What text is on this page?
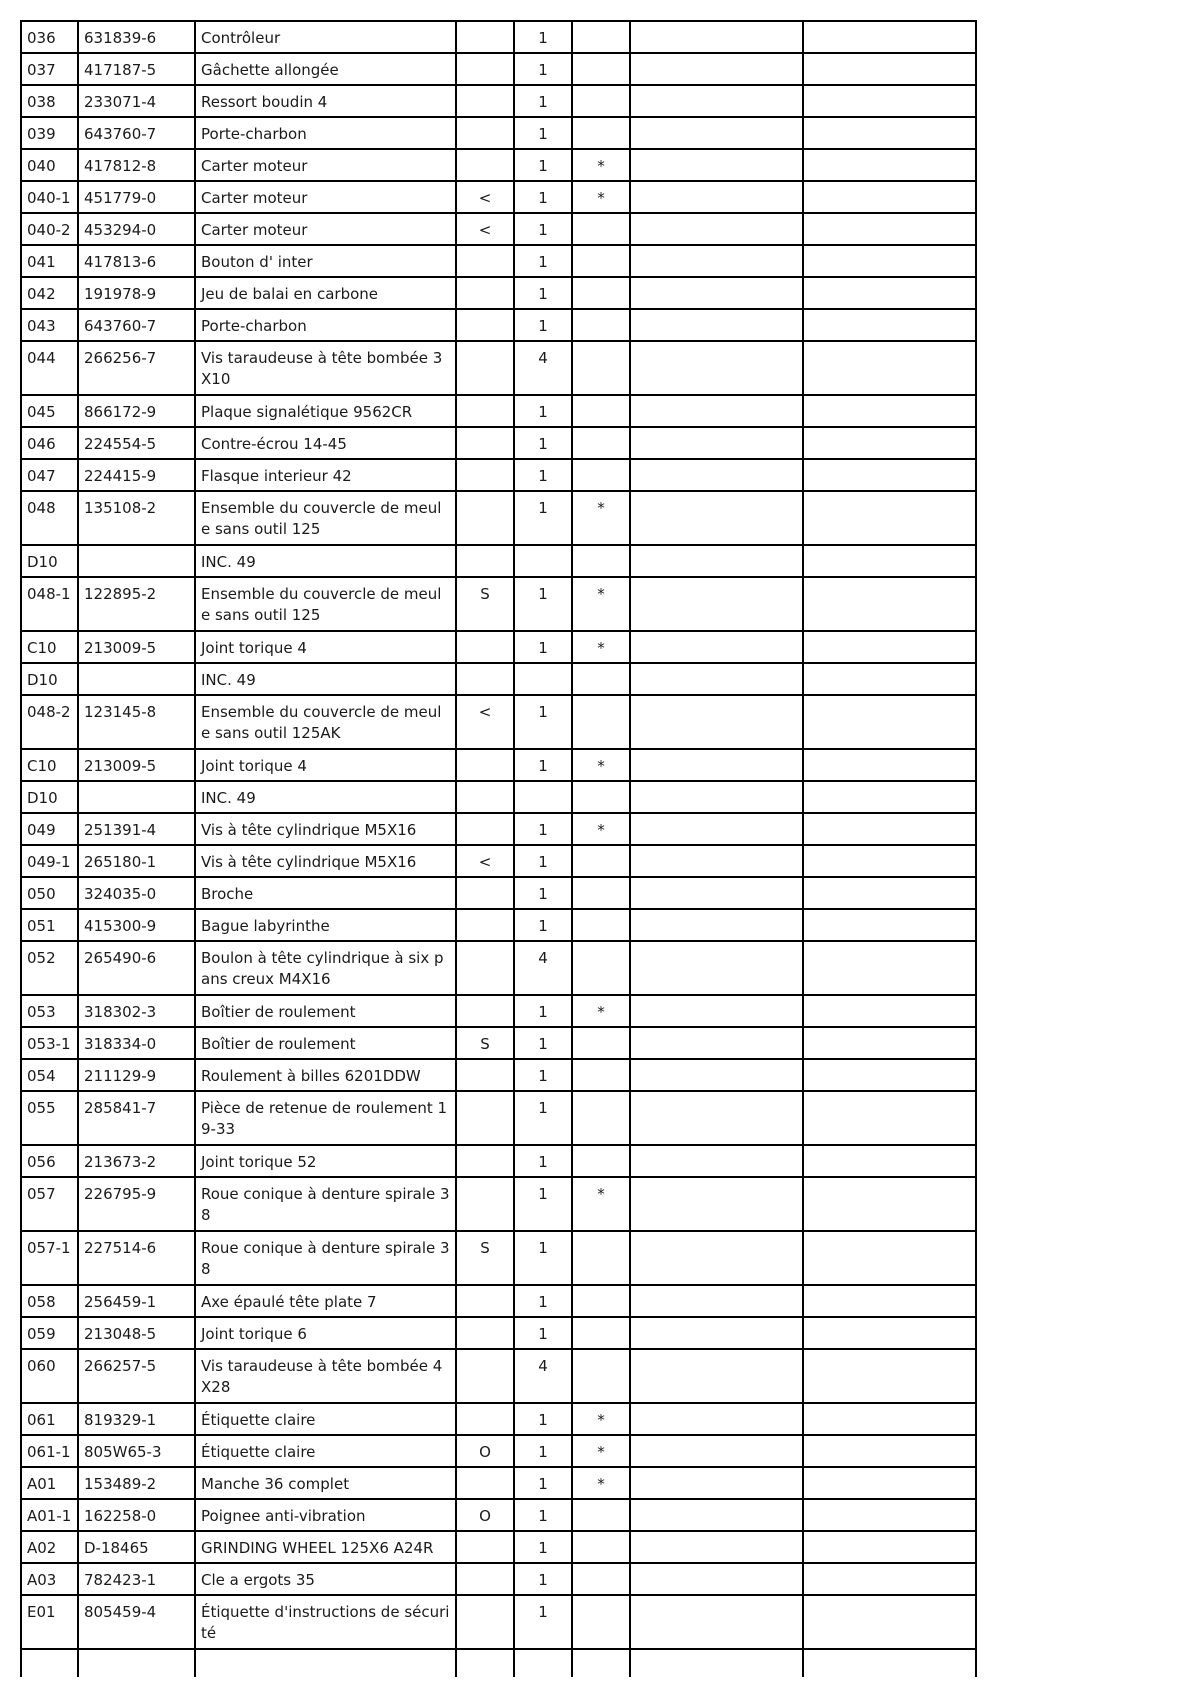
036	631839-6	Contrôleur		1			
037	417187-5	Gâchette allongée		1			
038	233071-4	Ressort boudin 4		1			
039	643760-7	Porte-charbon		1			
040	417812-8	Carter moteur		1	*		
040-1	451779-0	Carter moteur	<	1	*		
040-2	453294-0	Carter moteur	<	1			
041	417813-6	Bouton d' inter		1			
042	191978-9	Jeu de balai en carbone		1			
043	643760-7	Porte-charbon		1			
044	266256-7	Vis taraudeuse à tête bombée 3X10		4			
045	866172-9	Plaque signalétique 9562CR		1			
046	224554-5	Contre-écrou 14-45		1			
047	224415-9	Flasque interieur 42		1			
048	135108-2	Ensemble du couvercle de meule sans outil 125		1	*		
D10		INC. 49					
048-1	122895-2	Ensemble du couvercle de meule sans outil 125	S	1	*		
C10	213009-5	Joint torique 4		1	*		
D10		INC. 49					
048-2	123145-8	Ensemble du couvercle de meule sans outil 125AK	<	1			
C10	213009-5	Joint torique 4		1	*		
D10		INC. 49					
049	251391-4	Vis à tête cylindrique M5X16		1	*		
049-1	265180-1	Vis à tête cylindrique M5X16	<	1			
050	324035-0	Broche		1			
051	415300-9	Bague labyrinthe		1			
052	265490-6	Boulon à tête cylindrique à six pans creux M4X16		4			
053	318302-3	Boîtier de roulement		1	*		
053-1	318334-0	Boîtier de roulement	S	1			
054	211129-9	Roulement à billes 6201DDW		1			
055	285841-7	Pièce de retenue de roulement 19-33		1			
056	213673-2	Joint torique 52		1			
057	226795-9	Roue conique à denture spirale 38		1	*		
057-1	227514-6	Roue conique à denture spirale 38	S	1			
058	256459-1	Axe épaulé tête plate 7		1			
059	213048-5	Joint torique 6		1			
060	266257-5	Vis taraudeuse à tête bombée 4X28		4			
061	819329-1	Étiquette claire		1	*		
061-1	805W65-3	Étiquette claire	O	1	*		
A01	153489-2	Manche 36 complet		1	*		
A01-1	162258-0	Poignee anti-vibration	O	1			
A02	D-18465	GRINDING WHEEL 125X6 A24R		1			
A03	782423-1	Cle a ergots 35		1			
E01	805459-4	Étiquette d'instructions de sécurité		1			
